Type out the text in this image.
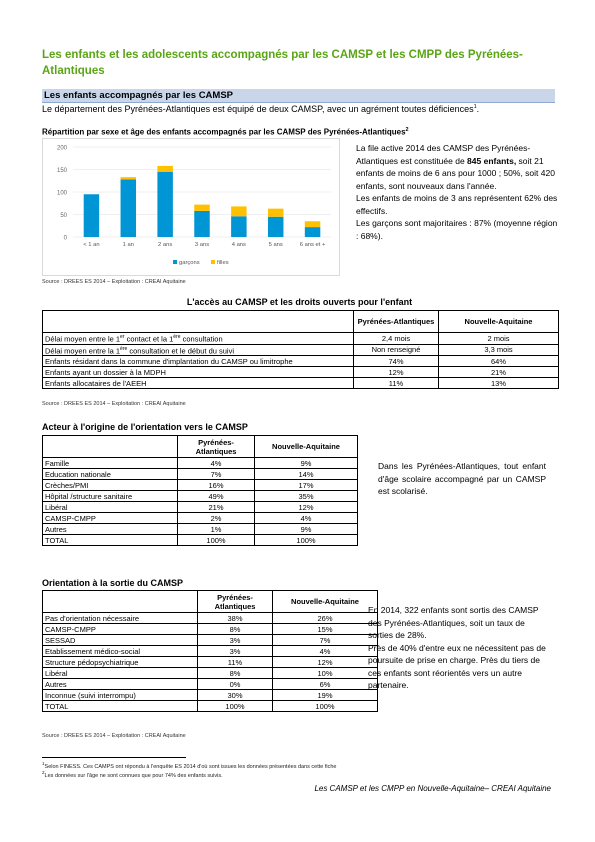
Les enfants et les adolescents accompagnés par les CAMSP et les CMPP des Pyrénées-Atlantiques
Les enfants accompagnés par les CAMSP
Le département des Pyrénées-Atlantiques est équipé de deux CAMSP, avec un agrément toutes déficiences$^1$.
Répartition par sexe et âge des enfants accompagnés par les CAMSP des Pyrénées-Atlantiques$^2$
0
50
100
150
200
< 1 an	1 an	2 ans	3 ans	4 ans	5 ans	6 ans et +
garçons	filles
La file active 2014 des CAMSP des Pyrénées-Atlantiques est constituée de 845 enfants, soit 21 enfants de moins de 6 ans pour 1000 ; 50%, soit 420 enfants, sont nouveaux dans l'année.
Les enfants de moins de 3 ans représentent 62% des effectifs.
Les garçons sont majoritaires : 87% (moyenne région : 68%).
Source : DREES ES 2014 – Exploitation : CREAI Aquitaine
L'accès au CAMSP et les droits ouverts pour l'enfant
	Pyrénées-Atlantiques	Nouvelle-Aquitaine
Délai moyen entre le 1er contact et la 1ère consultation	2,4 mois	2 mois
Délai moyen entre la 1ère consultation et le début du suivi	Non renseigné	3,3 mois
Enfants résidant dans la commune d'implantation du CAMSP ou limitrophe	74%	64%
Enfants ayant un dossier à la MDPH	12%	21%
Enfants allocataires de l'AEEH	11%	13%
Source : DREES ES 2014 – Exploitation : CREAI Aquitaine
Acteur à l'origine de l'orientation vers le CAMSP
	Pyrénées-Atlantiques	Nouvelle-Aquitaine
Famille	4%	9%
Education nationale	7%	14%
Crèches/PMI	16%	17%
Hôpital /structure sanitaire	49%	35%
Libéral	21%	12%
CAMSP-CMPP	2%	4%
Autres	1%	9%
TOTAL	100%	100%
Dans les Pyrénées-Atlantiques, tout enfant d'âge scolaire accompagné par un CAMSP est scolarisé.
Orientation à la sortie du CAMSP
	Pyrénées-Atlantiques	Nouvelle-Aquitaine
Pas d'orientation nécessaire	38%	26%
CAMSP-CMPP	8%	15%
SESSAD	3%	7%
Etablissement médico-social	3%	4%
Structure pédopsychiatrique	11%	12%
Libéral	8%	10%
Autres	0%	6%
Inconnue (suivi interrompu)	30%	19%
TOTAL	100%	100%
En 2014, 322 enfants sont sortis des CAMSP des Pyrénées-Atlantiques, soit un taux de sorties de 28%.
Près de 40% d'entre eux ne nécessitent pas de poursuite de prise en charge. Près du tiers de ces enfants sont réorientés vers un autre partenaire.
Source : DREES ES 2014 – Exploitation : CREAI Aquitaine
$^1$Selon FINESS. Ces CAMPS ont répondu à l'enquête ES 2014 d'où sont issues les données présentées dans cette fiche
$^2$Les données sur l'âge ne sont connues que pour 74% des enfants suivis.
Les CAMSP et les CMPP en Nouvelle-Aquitaine– CREAI Aquitaine
